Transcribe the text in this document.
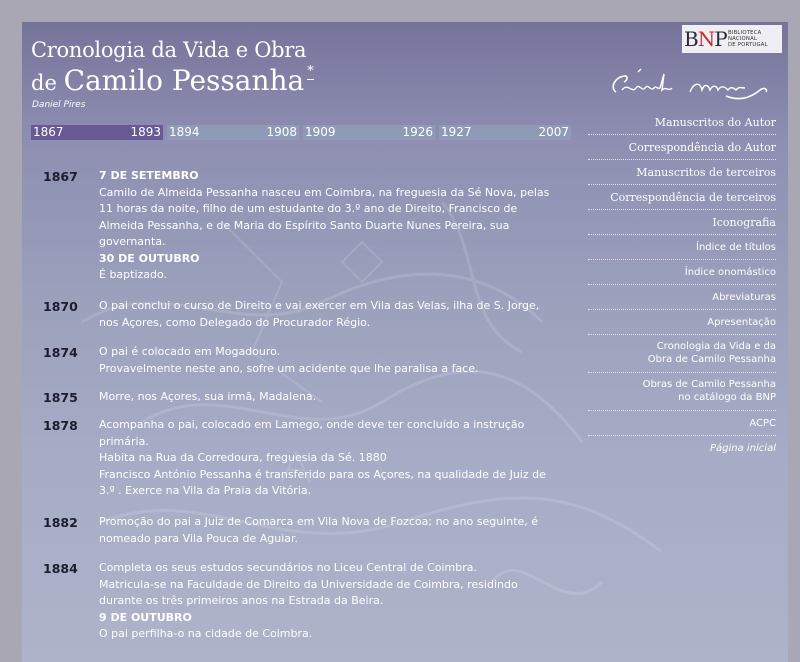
Cronologia da Vida e Obra
de Camilo Pessanha *
Daniel Pires
BNP BIBLIOTECA
NACIONAL
DE PORTUGAL
1867	1893 1894	1908 1909	1926 1927	2007
Manuscritos do Autor
Correspondência do Autor
Manuscritos de terceiros
Correspondência de terceiros
Iconografia
Índice de títulos
Índice onomástico
Abreviaturas
Apresentação
Cronologia da Vida e da
Obra de Camilo Pessanha
Obras de Camilo Pessanha
no catálogo da BNP
ACPC
Página inicial
1867 7 DE SETEMBRO
Camilo de Almeida Pessanha nasceu em Coimbra, na freguesia da Sé Nova, pelas
11 horas da noite, filho de um estudante do 3.º ano de Direito, Francisco de
Almeida Pessanha, e de Maria do Espírito Santo Duarte Nunes Pereira, sua
governanta.
30 DE OUTUBRO
É baptizado.
1870 O pai conclui o curso de Direito e vai exercer em Vila das Velas, ilha de S. Jorge,
nos Açores, como Delegado do Procurador Régio.
1874 O pai é colocado em Mogadouro.
Provavelmente neste ano, sofre um acidente que lhe paralisa a face.
1875 Morre, nos Açores, sua irmã, Madalena.
1878 Acompanha o pai, colocado em Lamego, onde deve ter concluído a instrução
primária.
Habita na Rua da Corredoura, freguesia da Sé. 1880
Francisco António Pessanha é transferido para os Açores, na qualidade de Juiz de
3.º . Exerce na Vila da Praia da Vitória.
1882 Promoção do pai a Juiz de Comarca em Vila Nova de Fozcoa; no ano seguinte, é
nomeado para Vila Pouca de Aguiar.
1884 Completa os seus estudos secundários no Liceu Central de Coimbra.
Matricula-se na Faculdade de Direito da Universidade de Coimbra, residindo
durante os três primeiros anos na Estrada da Beira.
9 DE OUTUBRO
O pai perfilha-o na cidade de Coimbra.
